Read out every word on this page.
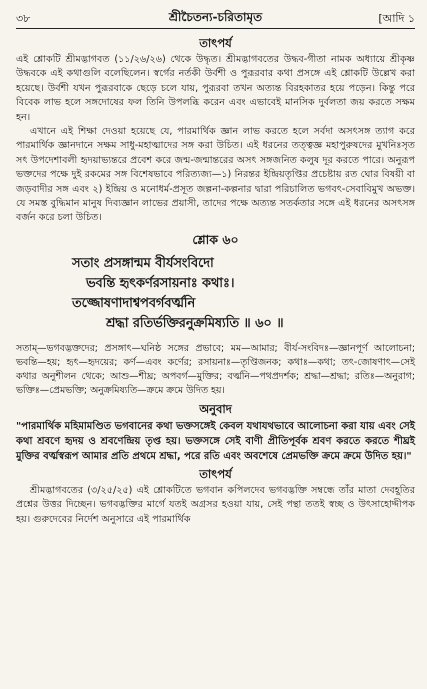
৩৮	শ্রীচৈতন্য-চরিতামৃত	[আদি ১
তাৎপর্য

এই শ্লোকটি শ্রীমদ্ভাগবত (১১/২৬/২৬) থেকে উদ্ধৃত। শ্রীমদ্ভাগবতের উদ্ধব-গীতা নামক অধ্যায়ে শ্রীকৃষ্ণ উদ্ধবকে এই কথাগুলি বলেছিলেন। স্বর্গের নর্তকী উর্বশী ও পুরূরবার কথা প্রসঙ্গে এই শ্লোকটি উল্লেখ করা হয়েছে। উর্বশী যখন পুরূরবাকে ছেড়ে চলে যায়, পুরূরবা তখন অত্যন্ত বিরহকাতর হয়ে পড়েন। কিন্তু পরে বিবেক লাভ হলে সঙ্গদোষের ফল তিনি উপলব্ধি করেন এবং এভাবেই মানসিক দুর্বলতা জয় করতে সক্ষম হন।

এখানে এই শিক্ষা দেওয়া হয়েছে যে, পারমার্থিক জ্ঞান লাভ করতে হলে সর্বদা অসৎসঙ্গ ত্যাগ করে পারমার্থিক জ্ঞানদানে সক্ষম সাধু-মহাত্মাদের সঙ্গ করা উচিত। এই ধরনের তত্ত্বজ্ঞ মহাপুরুষদের মুখনিঃসৃত সৎ উপদেশাবলী হৃদয়াভ্যন্তরে প্রবেশ করে জন্ম-জন্মান্তরের অসৎ সঙ্গজনিত কলুষ দূর করতে পারে। অনুরূপ ভক্তদের পক্ষে দুই রকমের সঙ্গ বিশেষভাবে পরিত্যজ্য—১) নিরন্তর ইন্দ্রিয়তৃপ্তির প্রচেষ্টায় রত ঘোর বিষয়ী বা জড়বাদীর সঙ্গ এবং ২) ইন্দ্রিয় ও মনোধর্ম-প্রসূত জল্পনা-কল্পনার দ্বারা পরিচালিত ভগবৎ-সেবাবিমুখ অভক্ত। যে সমস্ত বুদ্ধিমান মানুষ দিব্যজ্ঞান লাভের প্রয়াসী, তাদের পক্ষে অত্যন্ত সতর্কতার সঙ্গে এই ধরনের অসৎসঙ্গ বর্জন করে চলা উচিত।

শ্লোক ৬০
সতাং প্রসঙ্গান্মম বীর্যসংবিদো
ভবন্তি হৃৎকর্ণরসায়নাঃ কথাঃ।
তজ্জোষণাদাশ্বপবর্গবর্ত্মনি
শ্রদ্ধা রতির্ভক্তিরনুক্রমিষ্যতি ॥ ৬০ ॥
সতাম্—ভগবদ্ভক্তদের; প্রসঙ্গাৎ—ঘনিষ্ঠ সঙ্গের প্রভাবে; মম—আমার; বীর্য-সংবিদঃ—জ্ঞানপূর্ণ আলোচনা; ভবন্তি—হয়; হৃৎ—হৃদয়ের; কর্ণ—এবং কর্ণের; রসায়নাঃ—তৃপ্তিজনক; কথাঃ—কথা; তৎ-জোষণাৎ—সেই কথার অনুশীলন থেকে; আশু—শীঘ্র; অপবর্গ—মুক্তির; বর্ত্মনি—পথপ্রদর্শক; শ্রদ্ধা—শ্রদ্ধা; রতিঃ—অনুরাগ; ভক্তিঃ—প্রেমভক্তি; অনুক্রমিষ্যতি—ক্রমে ক্রমে উদিত হয়।
অনুবাদ
"পারমার্থিক মহিমামণ্ডিত ভগবানের কথা ভক্তসঙ্গেই কেবল যথাযথভাবে আলোচনা করা যায় এবং সেই কথা শ্রবণে হৃদয় ও শ্রবণেন্দ্রিয় তৃপ্ত হয়। ভক্তসঙ্গে সেই বাণী প্রীতিপূর্বক শ্রবণ করতে করতে শীঘ্রই মুক্তির বর্ত্মস্বরূপ আমার প্রতি প্রথমে শ্রদ্ধা, পরে রতি এবং অবশেষে প্রেমভক্তি ক্রমে ক্রমে উদিত হয়।"
তাৎপর্য

শ্রীমদ্ভাগবতের (৩/২৫/২৫) এই শ্লোকটিতে ভগবান কপিলদেব ভগবদ্ভক্তি সম্বন্ধে তাঁর মাতা দেবহূতির প্রশ্নের উত্তর দিচ্ছেন। ভগবদ্ভক্তির মার্গে যতই অগ্রসর হওয়া যায়, সেই পন্থা ততই স্বচ্ছ ও উৎসাহোদ্দীপক হয়। গুরুদেবের নির্দেশ অনুসারে এই পারমার্থিক
